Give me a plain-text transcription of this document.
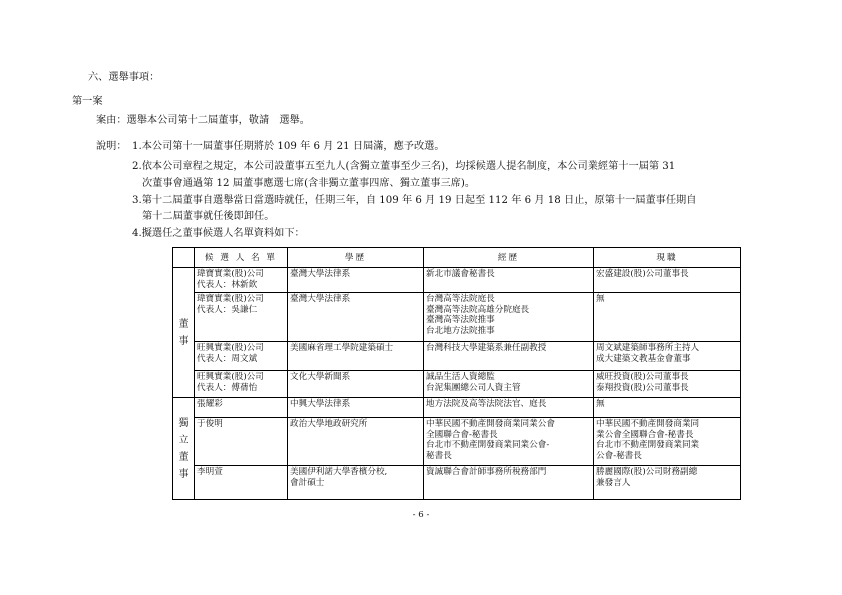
六、選舉事項：
第一案
案由：選舉本公司第十二屆董事，敬請　選舉。
說明： 1.本公司第十一屆董事任期將於 109 年 6 月 21 日屆滿，應予改選。
2.依本公司章程之規定，本公司設董事五至九人(含獨立董事至少三名)，均採候選人提名制度，本公司業經第十一屆第 31
次董事會通過第 12 屆董事應選七席(含非獨立董事四席、獨立董事三席)。
3.第十二屆董事自選舉當日當選時就任，任期三年，自 109 年 6 月 19 日起至 112 年 6 月 18 日止，原第十一屆董事任期自
第十二屆董事就任後即卸任。
4.擬選任之董事候選人名單資料如下：
	候 選 人 名 單	學歷	經歷	現職
董事	瑋寶實業(股)公司
代表人：林新欽	臺灣大學法律系	新北市議會秘書長	宏盛建設(股)公司董事長

	瑋寶實業(股)公司
代表人：吳謙仁	臺灣大學法律系	台灣高等法院庭長
臺灣高等法院高雄分院庭長
臺灣高等法院推事
台北地方法院推事	無

	旺興實業(股)公司
代表人：周文斌	美國麻省理工學院建築碩士	台灣科技大學建築系兼任副教授	周文斌建築師事務所主持人
成大建築文教基金會董事

	旺興實業(股)公司
代表人：傅蒨怡	文化大學新聞系	誠品生活人資總監
台泥集團總公司人資主管	威旺投資(股)公司董事長
泰翔投資(股)公司董事長

獨立董事	張耀彩	中興大學法律系	地方法院及高等法院法官、庭長	無

	于俊明	政治大學地政研究所	中華民國不動產開發商業同業公會
全國聯合會-秘書長
台北市不動產開發商業同業公會-
秘書長	中華民國不動產開發商業同
業公會全國聯合會-秘書長
台北市不動產開發商業同業
公會-秘書長

	李明萱	美國伊利諾大學香檳分校,
會計碩士	資誠聯合會計師事務所稅務部門	勝麗國際(股)公司財務副總
兼發言人
- 6 -
